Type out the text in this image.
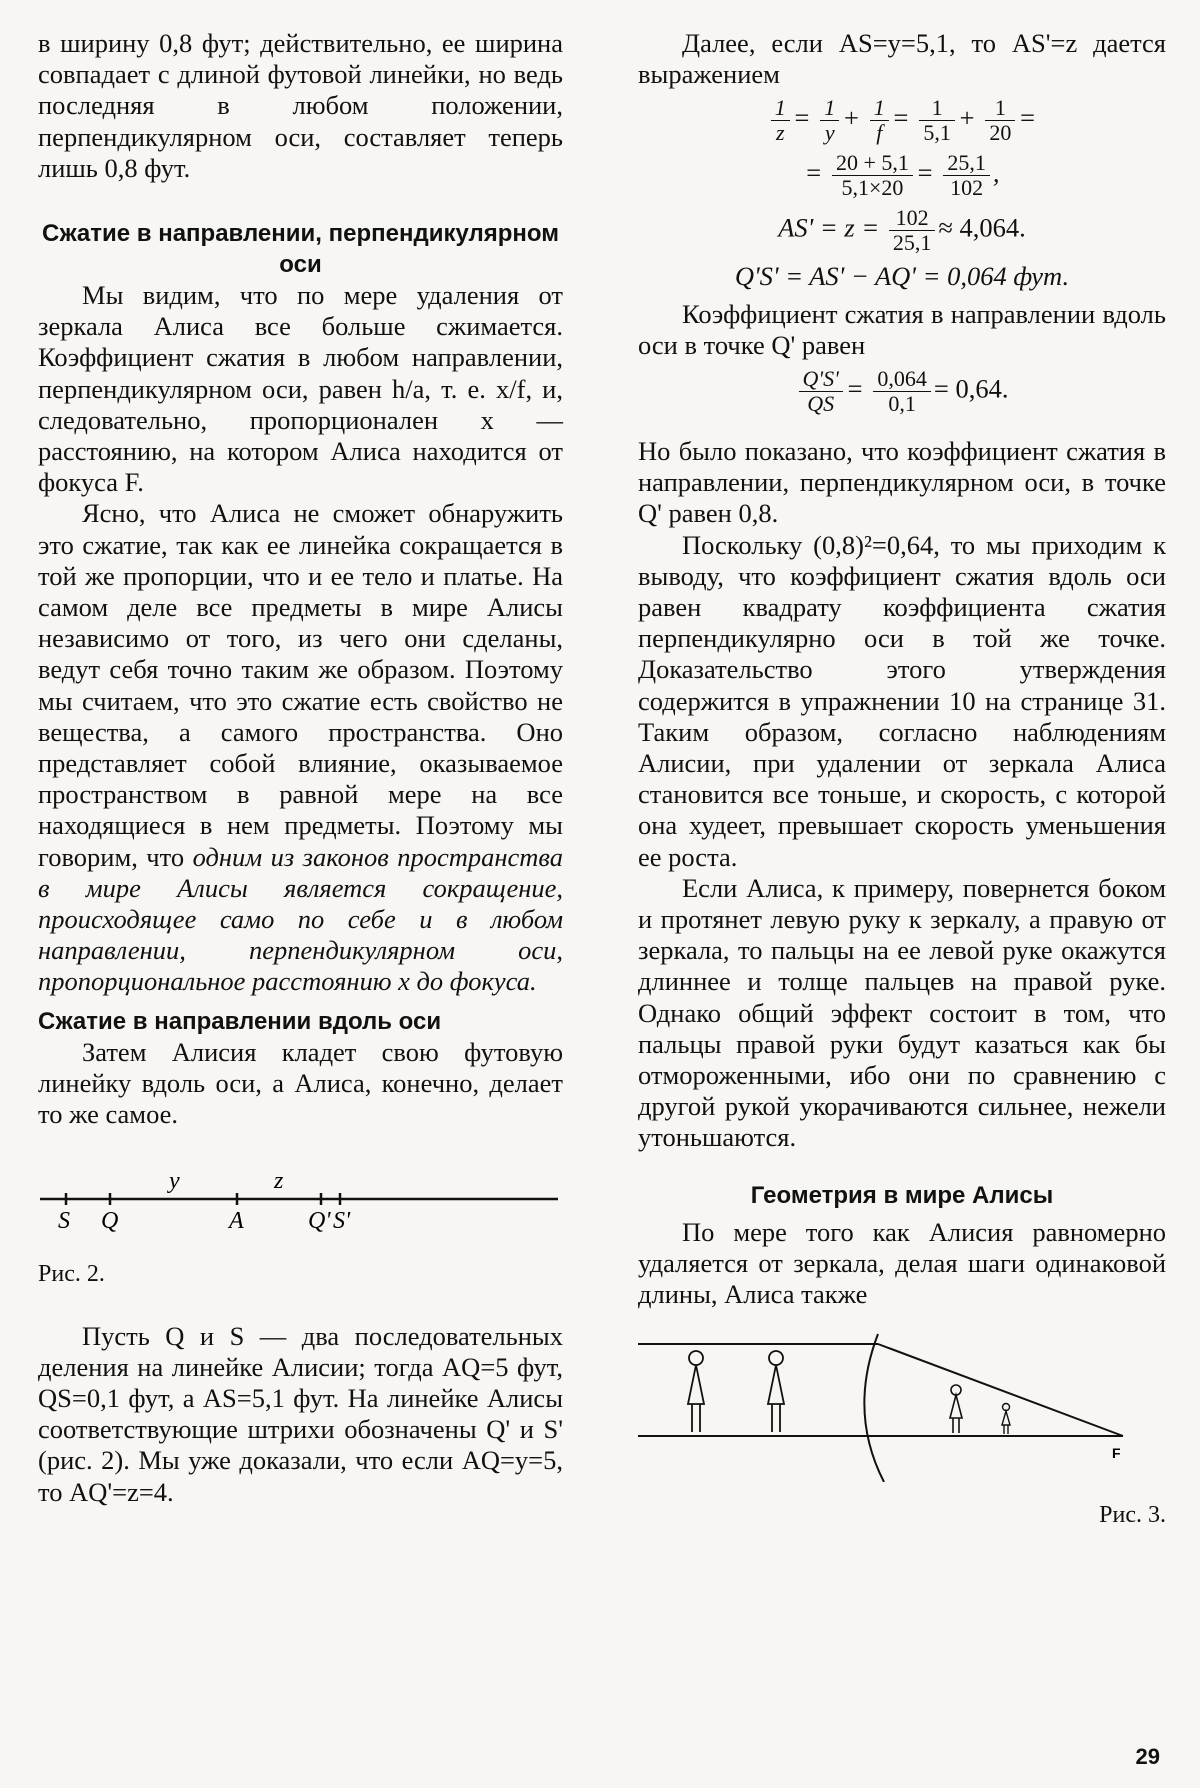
в ширину 0,8 фут; действительно, ее ширина совпадает с длиной футовой линейки, но ведь последняя в любом положении, перпендикулярном оси, составляет теперь лишь 0,8 фут.

Сжатие в направлении, перпендикулярном оси

Мы видим, что по мере удаления от зеркала Алиса все больше сжимается. Коэффициент сжатия в любом направлении, перпендикулярном оси, равен h/a, т. е. x/f, и, следовательно, пропорционален x — расстоянию, на котором Алиса находится от фокуса F.

Ясно, что Алиса не сможет обнаружить это сжатие, так как ее линейка сокращается в той же пропорции, что и ее тело и платье. На самом деле все предметы в мире Алисы независимо от того, из чего они сделаны, ведут себя точно таким же образом. Поэтому мы считаем, что это сжатие есть свойство не вещества, а самого пространства. Оно представляет собой влияние, оказываемое пространством в равной мере на все находящиеся в нем предметы. Поэтому мы говорим, что одним из законов пространства в мире Алисы является сокращение, происходящее само по себе и в любом направлении, перпендикулярном оси, пропорциональное расстоянию x до фокуса.

Сжатие в направлении вдоль оси

Затем Алисия кладет свою футовую линейку вдоль оси, а Алиса, конечно, делает то же самое.

y	z
S Q	A	Q' S'

Рис. 2.

Пусть Q и S — два последовательных деления на линейке Алисии; тогда AQ=5 фут, QS=0,1 фут, а AS=5,1 фут. На линейке Алисы соответствующие штрихи обозначены Q' и S' (рис. 2). Мы уже доказали, что если AQ=y=5, то AQ'=z=4.

Далее, если AS=y=5,1, то AS'=z дается выражением

$\frac{1}{z} = \frac{1}{y} + \frac{1}{f} = \frac{1}{5,1} + \frac{1}{20}$ =
= $\frac{20 + 5,1}{5,1\times 20} = \frac{25,1}{102}$ ,
$AS' = z = \frac{102}{25,1} \approx 4,064$.
Q'S' = AS' − AQ' = 0,064 фут.

Коэффициент сжатия в направлении вдоль оси в точке Q' равен

$\frac{Q'S'}{QS} = \frac{0,064}{0,1} = 0,64$.

Но было показано, что коэффициент сжатия в направлении, перпендикулярном оси, в точке Q' равен 0,8.

Поскольку (0,8)²=0,64, то мы приходим к выводу, что коэффициент сжатия вдоль оси равен квадрату коэффициента сжатия перпендикулярно оси в той же точке. Доказательство этого утверждения содержится в упражнении 10 на странице 31. Таким образом, согласно наблюдениям Алисии, при удалении от зеркала Алиса становится все тоньше, и скорость, с которой она худеет, превышает скорость уменьшения ее роста.

Если Алиса, к примеру, повернется боком и протянет левую руку к зеркалу, а правую от зеркала, то пальцы на ее левой руке окажутся длиннее и толще пальцев на правой руке. Однако общий эффект состоит в том, что пальцы правой руки будут казаться как бы отмороженными, ибо они по сравнению с другой рукой укорачиваются сильнее, нежели утоньшаются.

Геометрия в мире Алисы

По мере того как Алисия равномерно удаляется от зеркала, делая шаги одинаковой длины, Алиса также

F

Рис. 3.

29
